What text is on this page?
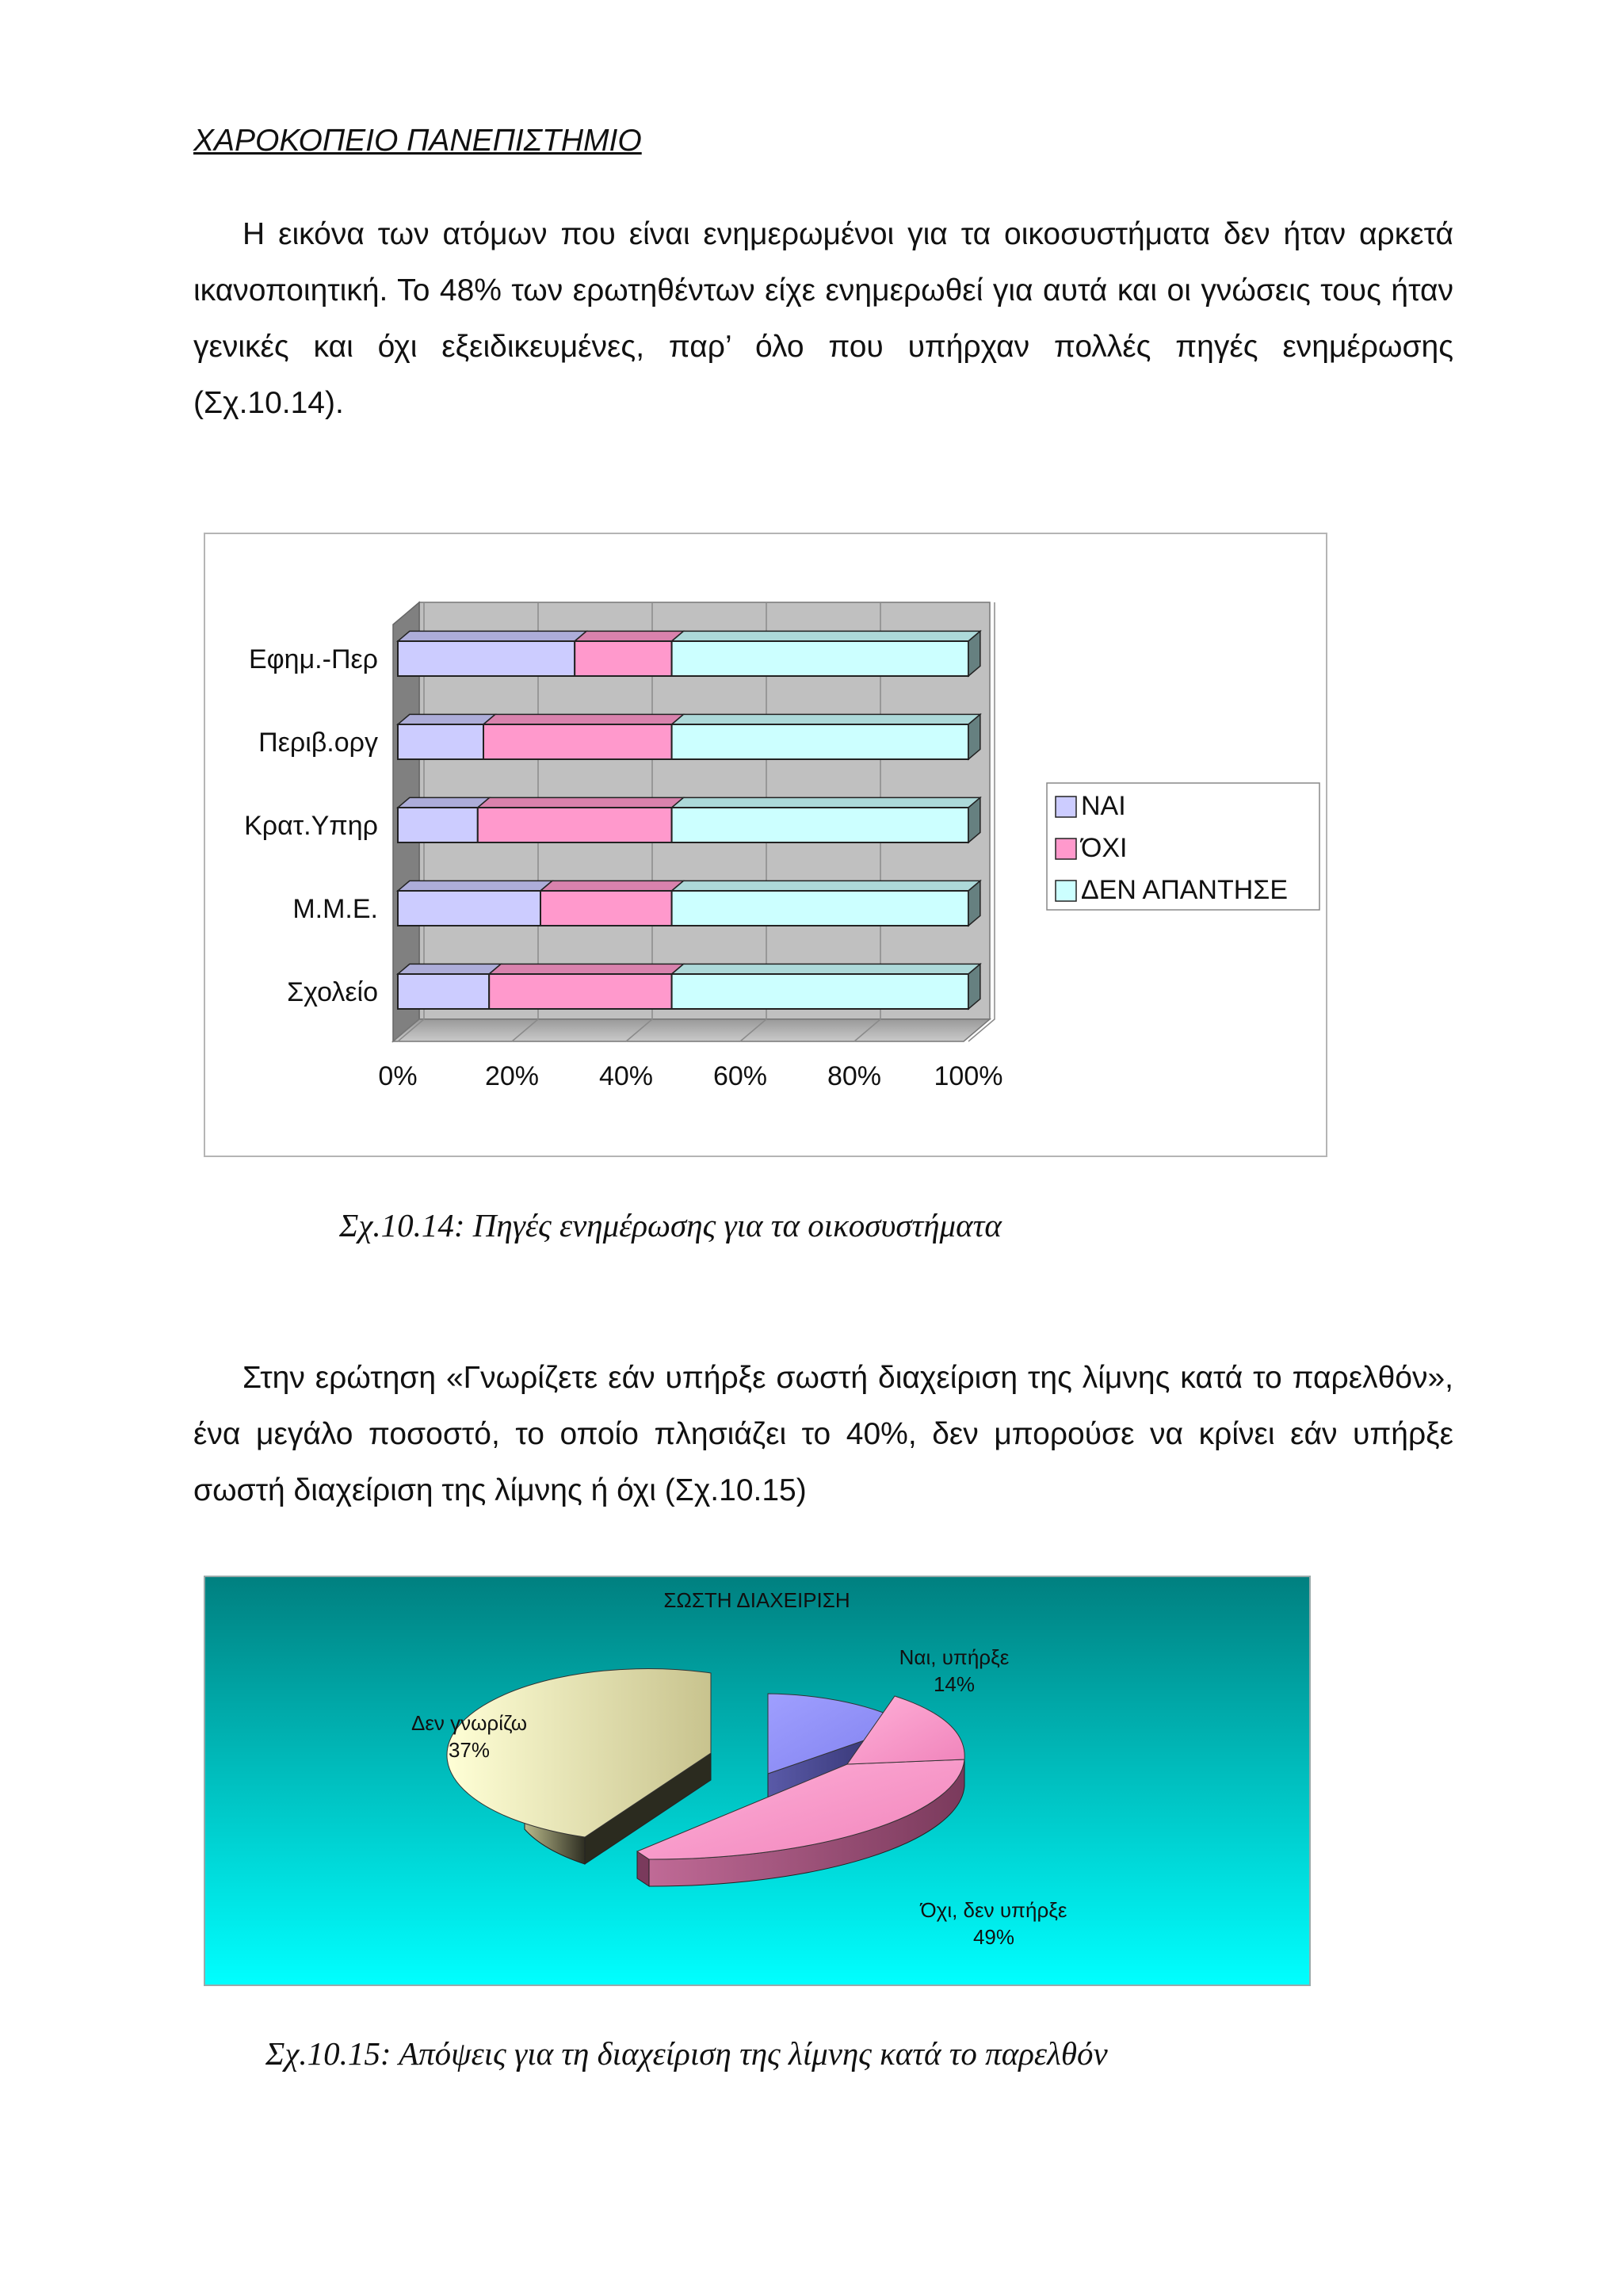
ΧΑΡΟΚΟΠΕΙΟ ΠΑΝΕΠΙΣΤΗΜΙΟ

Η εικόνα των ατόμων που είναι ενημερωμένοι για τα οικοσυστήματα δεν ήταν αρκετά ικανοποιητική. Το 48% των ερωτηθέντων είχε ενημερωθεί για αυτά και οι γνώσεις τους ήταν γενικές και όχι εξειδικευμένες, παρ’ όλο που υπήρχαν πολλές πηγές ενημέρωσης (Σχ.10.14).

Εφημ.-Περ
Περιβ.οργ
Κρατ.Υπηρ
Μ.Μ.Ε.
Σχολείο
0%	20% 40% 60% 80% 100%
ΝΑΙ
ΌΧΙ
ΔΕΝ ΑΠΑΝΤΗΣΕ
Σχ.10.14: Πηγές ενημέρωσης για τα οικοσυστήματα

Στην ερώτηση «Γνωρίζετε εάν υπήρξε σωστή διαχείριση της λίμνης κατά το παρελθόν», ένα μεγάλο ποσοστό, το οποίο πλησιάζει το 40%, δεν μπορούσε να κρίνει εάν υπήρξε σωστή διαχείριση της λίμνης ή όχι (Σχ.10.15)

ΣΩΣΤΗ ΔΙΑΧΕΙΡΙΣΗ
Ναι, υπήρξε
14%
Δεν γνωρίζω
37%
Όχι, δεν υπήρξε
49%
Σχ.10.15: Απόψεις για τη διαχείριση της λίμνης κατά το παρελθόν
